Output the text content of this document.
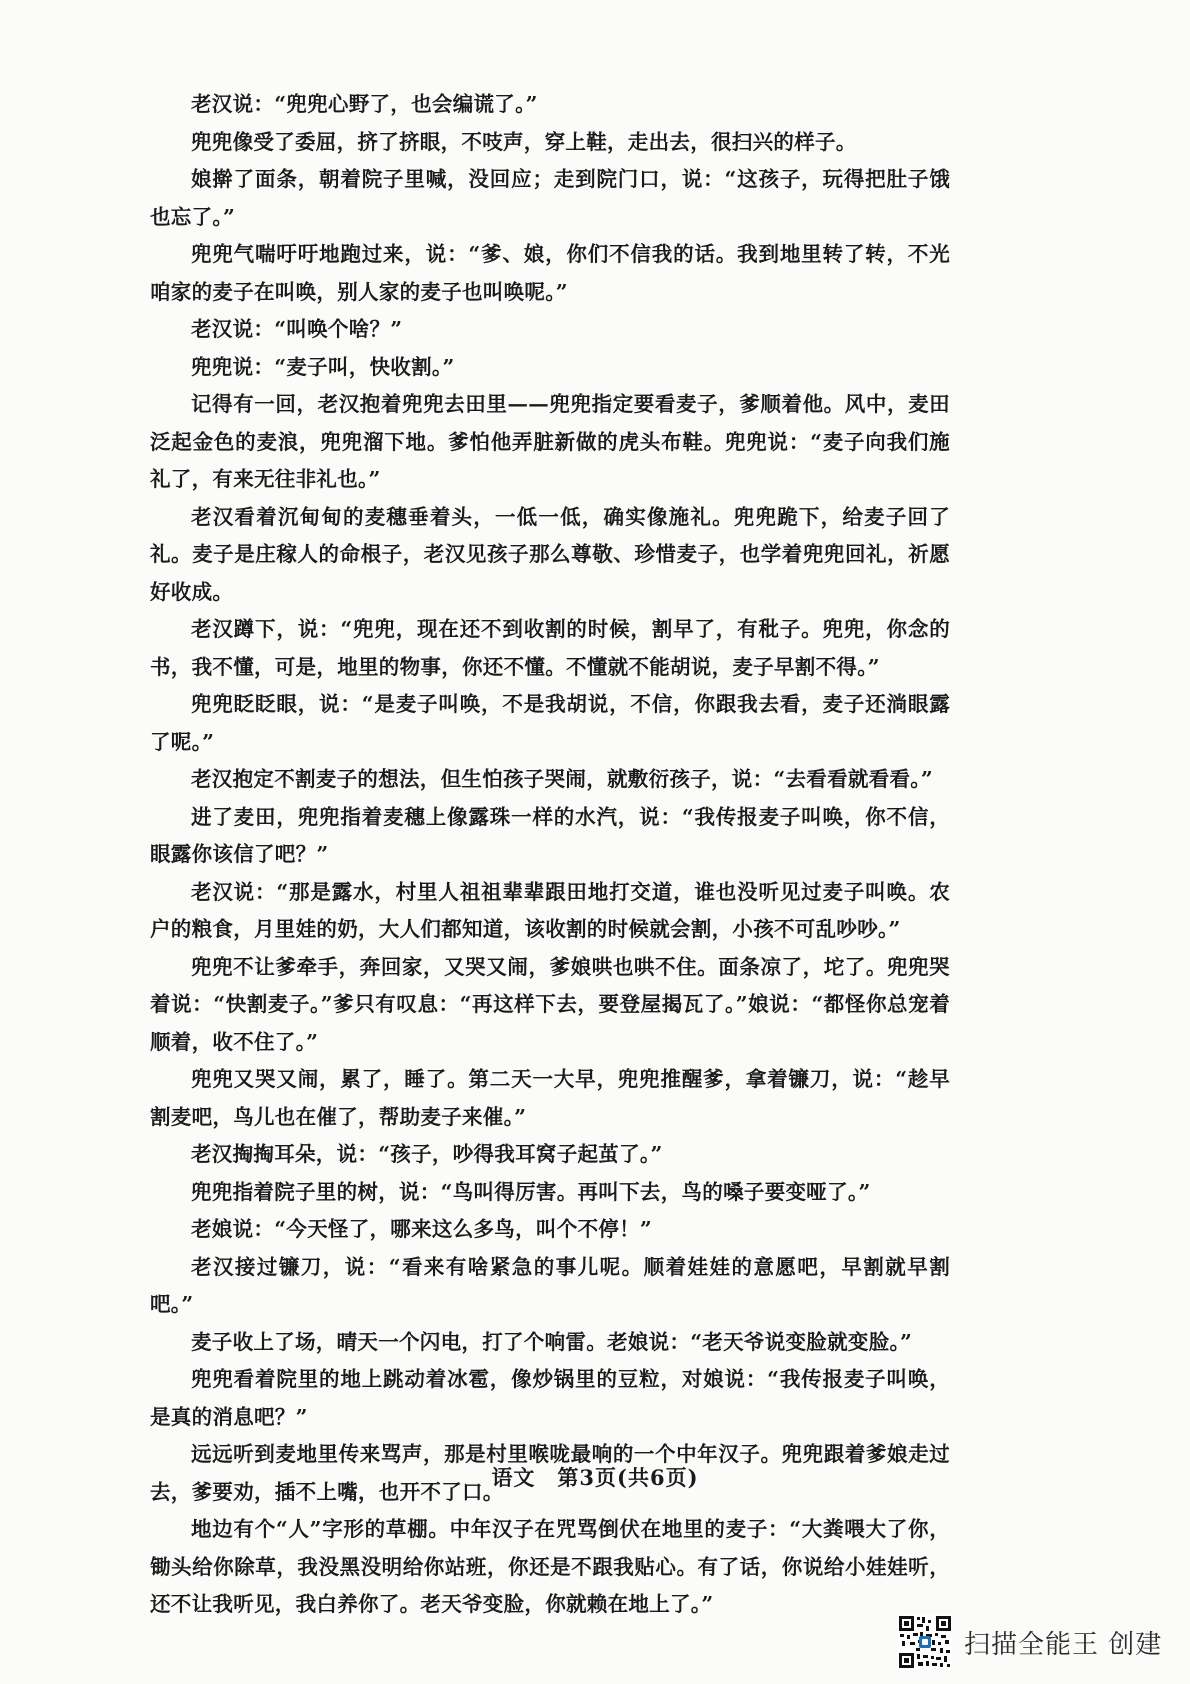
老汉说：“兜兜心野了，也会编谎了。”

兜兜像受了委屈，挤了挤眼，不吱声，穿上鞋，走出去，很扫兴的样子。

娘擀了面条，朝着院子里喊，没回应；走到院门口，说：“这孩子，玩得把肚子饿也忘了。”

兜兜气喘吁吁地跑过来，说：“爹、娘，你们不信我的话。我到地里转了转，不光咱家的麦子在叫唤，别人家的麦子也叫唤呢。”

老汉说：“叫唤个啥？”

兜兜说：“麦子叫，快收割。”

记得有一回，老汉抱着兜兜去田里——兜兜指定要看麦子，爹顺着他。风中，麦田泛起金色的麦浪，兜兜溜下地。爹怕他弄脏新做的虎头布鞋。兜兜说：“麦子向我们施礼了，有来无往非礼也。”

老汉看着沉甸甸的麦穗垂着头，一低一低，确实像施礼。兜兜跪下，给麦子回了礼。麦子是庄稼人的命根子，老汉见孩子那么尊敬、珍惜麦子，也学着兜兜回礼，祈愿好收成。

老汉蹲下，说：“兜兜，现在还不到收割的时候，割早了，有秕子。兜兜，你念的书，我不懂，可是，地里的物事，你还不懂。不懂就不能胡说，麦子早割不得。”

兜兜眨眨眼，说：“是麦子叫唤，不是我胡说，不信，你跟我去看，麦子还淌眼露了呢。”

老汉抱定不割麦子的想法，但生怕孩子哭闹，就敷衍孩子，说：“去看看就看看。”

进了麦田，兜兜指着麦穗上像露珠一样的水汽，说：“我传报麦子叫唤，你不信，眼露你该信了吧？”

老汉说：“那是露水，村里人祖祖辈辈跟田地打交道，谁也没听见过麦子叫唤。农户的粮食，月里娃的奶，大人们都知道，该收割的时候就会割，小孩不可乱吵吵。”

兜兜不让爹牵手，奔回家，又哭又闹，爹娘哄也哄不住。面条凉了，坨了。兜兜哭着说：“快割麦子。”爹只有叹息：“再这样下去，要登屋揭瓦了。”娘说：“都怪你总宠着顺着，收不住了。”

兜兜又哭又闹，累了，睡了。第二天一大早，兜兜推醒爹，拿着镰刀，说：“趁早割麦吧，鸟儿也在催了，帮助麦子来催。”

老汉掏掏耳朵，说：“孩子，吵得我耳窝子起茧了。”

兜兜指着院子里的树，说：“鸟叫得厉害。再叫下去，鸟的嗓子要变哑了。”

老娘说：“今天怪了，哪来这么多鸟，叫个不停！”

老汉接过镰刀，说：“看来有啥紧急的事儿呢。顺着娃娃的意愿吧，早割就早割吧。”

麦子收上了场，晴天一个闪电，打了个响雷。老娘说：“老天爷说变脸就变脸。”

兜兜看着院里的地上跳动着冰雹，像炒锅里的豆粒，对娘说：“我传报麦子叫唤，是真的消息吧？”

远远听到麦地里传来骂声，那是村里喉咙最响的一个中年汉子。兜兜跟着爹娘走过去，爹要劝，插不上嘴，也开不了口。

地边有个“人”字形的草棚。中年汉子在咒骂倒伏在地里的麦子：“大粪喂大了你，锄头给你除草，我没黑没明给你站班，你还是不跟我贴心。有了话，你说给小娃娃听，还不让我听见，我白养你了。老天爷变脸，你就赖在地上了。”

语文　第3页(共6页)
扫描全能王 创建
